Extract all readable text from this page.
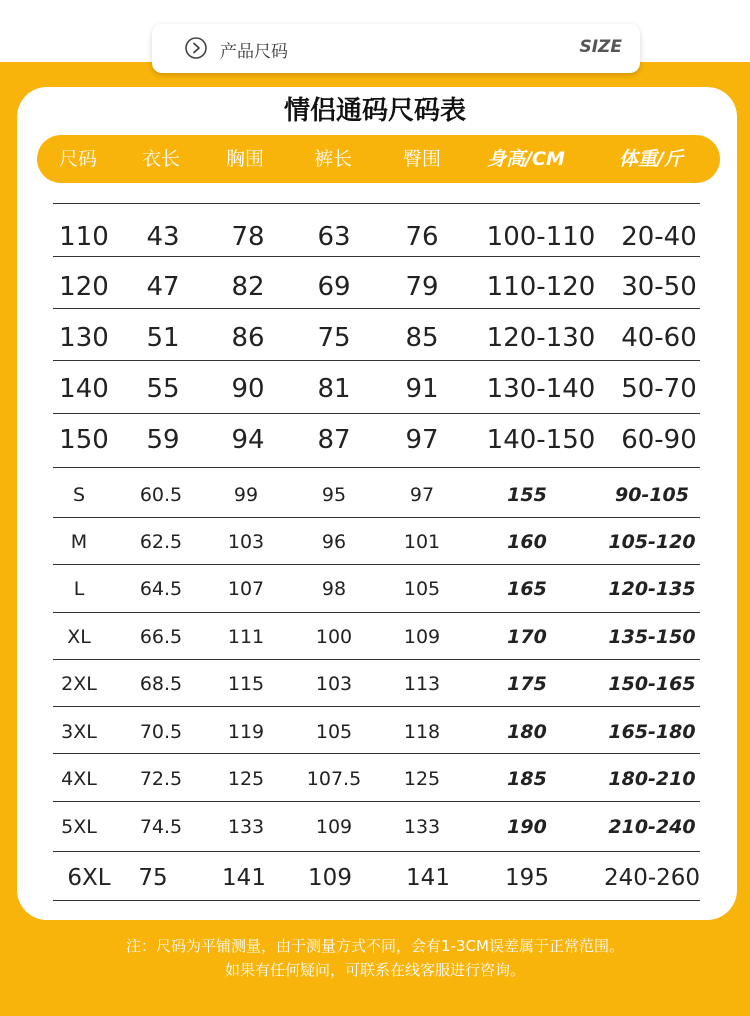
产品尺码	SIZE
情侣通码尺码表
尺码 衣长 胸围	裤长	臀围 身高/CM	体重/斤
110 43 78 63 76 100-110 20-40
120 47 82 69 79 110-120 30-50
130 51 86 75 85 120-130 40-60
140 55 90 81 91 130-140 50-70
150 59 94 87 97 140-150 60-90
S	60.5	99	95	97	155	90-105
M	62.5 103	96	101	160	105-120
L	64.5 107	98	105	165	120-135
XL	66.5 111	100	109	170	135-150
2XL 68.5 115	103	113	175	150-165
3XL 70.5 119	105	118	180	165-180
4XL 72.5 125 107.5 125	185	180-210
5XL 74.5 133	109	133	190	210-240
6XL 75 141 109 141 195 240-260
注：尺码为平铺测量，由于测量方式不同，会有1-3CM误差属于正常范围。
如果有任何疑问，可联系在线客服进行咨询。
